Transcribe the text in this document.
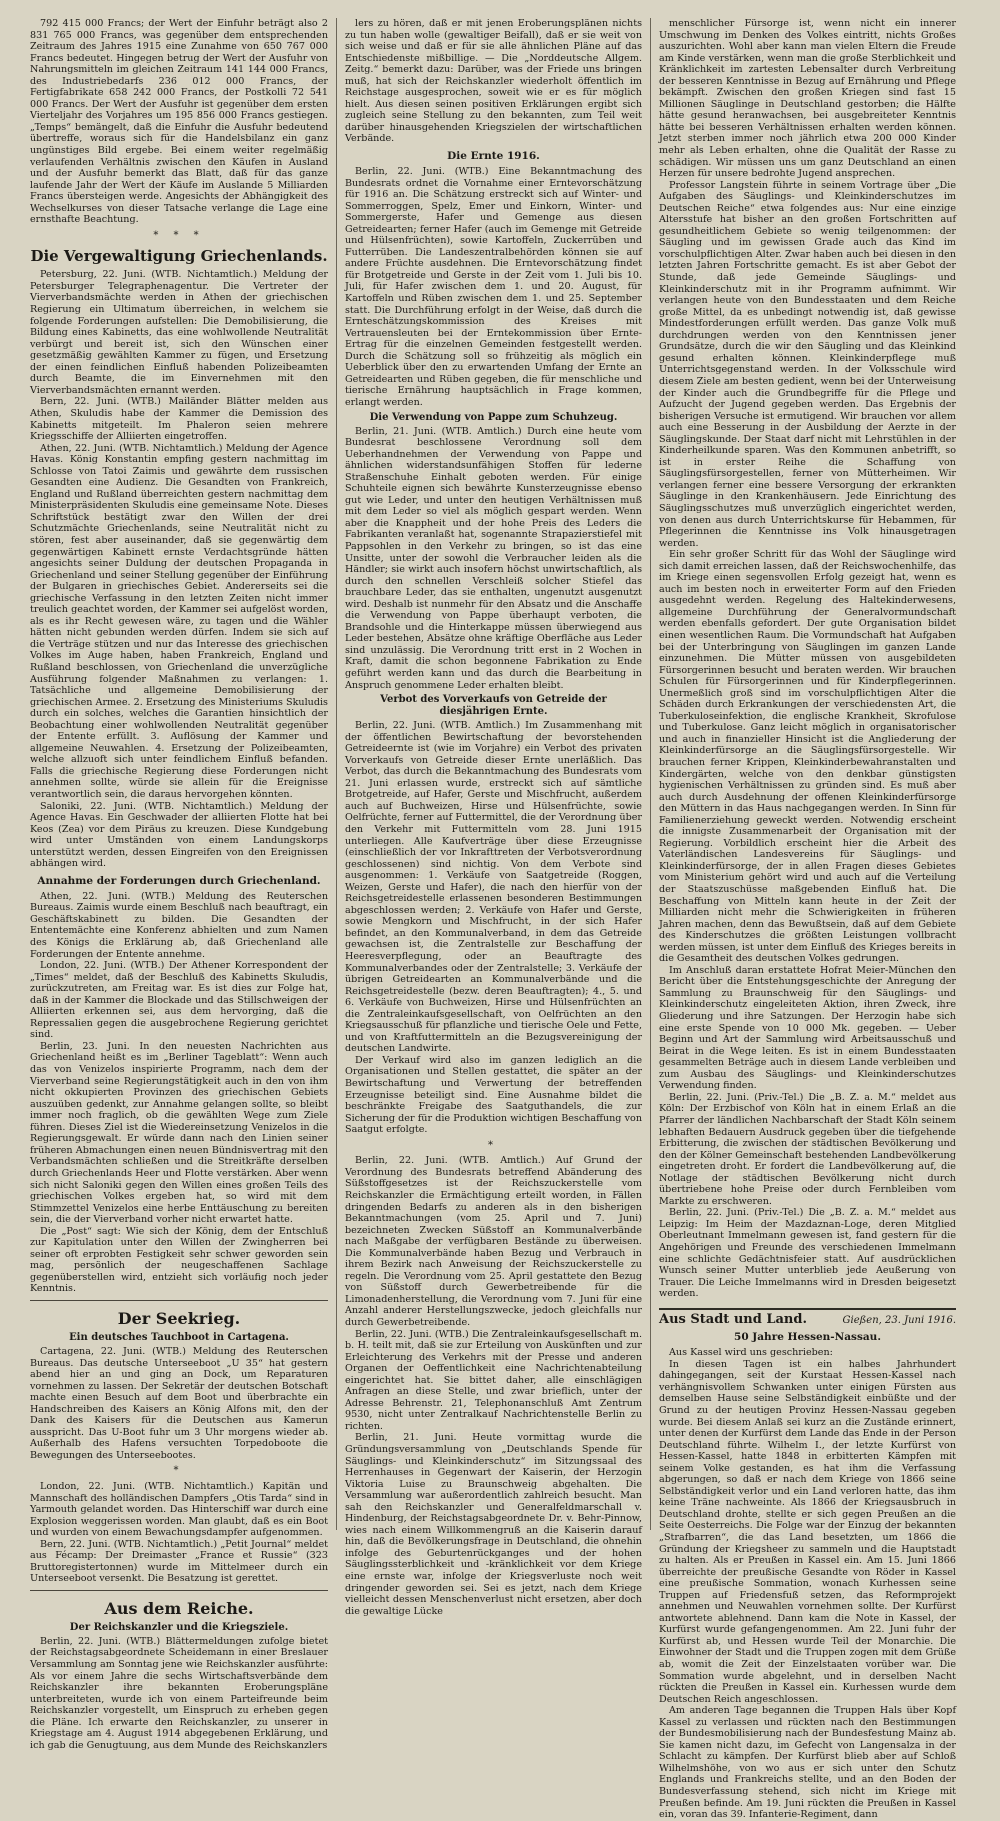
792 415 000 Francs; der Wert der Einfuhr beträgt also 2 831 765 000 Francs, was gegenüber dem entsprechenden Zeitraum des Jahres 1915 eine Zunahme von 650 767 000 Francs bedeutet. Hingegen betrug der Wert der Ausfuhr von Nahrungsmitteln im gleichen Zeitraum 141 144 000 Francs, des Industriebedarfs 236 012 000 Francs, der Fertigfabrikate 658 242 000 Francs, der Postkolli 72 541 000 Francs. Der Wert der Ausfuhr ist gegenüber dem ersten Vierteljahr des Vorjahres um 195 856 000 Francs gestiegen. „Temps“ bemängelt, daß die Einfuhr die Ausfuhr bedeutend übertreffe, woraus sich für die Handelsbilanz ein ganz ungünstiges Bild ergebe. Bei einem weiter regelmäßig verlaufenden Verhältnis zwischen den Käufen in Ausland und der Ausfuhr bemerkt das Blatt, daß für das ganze laufende Jahr der Wert der Käufe im Auslande 5 Milliarden Francs übersteigen werde. Angesichts der Abhängigkeit des Wechselkurses von dieser Tatsache verlange die Lage eine ernsthafte Beachtung.

* * *
Die Vergewaltigung Griechenlands.

Petersburg, 22. Juni. (WTB. Nichtamtlich.) Meldung der Petersburger Telegraphenagentur. Die Vertreter der Vierverbandsmächte werden in Athen der griechischen Regierung ein Ultimatum überreichen, in welchem sie folgende Forderungen aufstellen: Die Demobilisierung, die Bildung eines Kabinetts, das eine wohlwollende Neutralität verbürgt und bereit ist, sich den Wünschen einer gesetzmäßig gewählten Kammer zu fügen, und Ersetzung der einen feindlichen Einfluß habenden Polizeibeamten durch Beamte, die im Einvernehmen mit den Vierverbandsmächten ernannt werden.

Bern, 22. Juni. (WTB.) Mailänder Blätter melden aus Athen, Skuludis habe der Kammer die Demission des Kabinetts mitgeteilt. Im Phaleron seien mehrere Kriegsschiffe der Alliierten eingetroffen.

Athen, 22. Juni. (WTB. Nichtamtlich.) Meldung der Agence Havas. König Konstantin empfing gestern nachmittag im Schlosse von Tatoi Zaimis und gewährte dem russischen Gesandten eine Audienz. Die Gesandten von Frankreich, England und Rußland überreichten gestern nachmittag dem Ministerpräsidenten Skuludis eine gemeinsame Note. Dieses Schriftstück bestätigt zwar den Willen der drei Schutzmächte Griechenlands, seine Neutralität nicht zu stören, fest aber auseinander, daß sie gegenwärtig dem gegenwärtigen Kabinett ernste Verdachtsgründe hätten angesichts seiner Duldung der deutschen Propaganda in Griechenland und seiner Stellung gegenüber der Einführung der Bulgaren in griechisches Gebiet. Andererseits sei die griechische Verfassung in den letzten Zeiten nicht immer treulich geachtet worden, der Kammer sei aufgelöst worden, als es ihr Recht gewesen wäre, zu tagen und die Wähler hätten nicht gebunden werden dürfen. Indem sie sich auf die Verträge stützen und nur das Interesse des griechischen Volkes im Auge haben, haben Frankreich, England und Rußland beschlossen, von Griechenland die unverzügliche Ausführung folgender Maßnahmen zu verlangen: 1. Tatsächliche und allgemeine Demobilisierung der griechischen Armee. 2. Ersetzung des Ministeriums Skuludis durch ein solches, welches die Garantien hinsichtlich der Beobachtung einer wohlwollenden Neutralität gegenüber der Entente erfüllt. 3. Auflösung der Kammer und allgemeine Neuwahlen. 4. Ersetzung der Polizeibeamten, welche allzuoft sich unter feindlichem Einfluß befanden. Falls die griechische Regierung diese Forderungen nicht annehmen sollte, würde sie allein für die Ereignisse verantwortlich sein, die daraus hervorgehen könnten.

Saloniki, 22. Juni. (WTB. Nichtamtlich.) Meldung der Agence Havas. Ein Geschwader der alliierten Flotte hat bei Keos (Zea) vor dem Piräus zu kreuzen. Diese Kundgebung wird unter Umständen von einem Landungskorps unterstützt werden, dessen Eingreifen von den Ereignissen abhängen wird.

Annahme der Forderungen durch Griechenland.

Athen, 22. Juni. (WTB.) Meldung des Reuterschen Bureaus. Zaimis wurde einem Beschluß nach beauftragt, ein Geschäftskabinett zu bilden. Die Gesandten der Ententemächte eine Konferenz abhielten und zum Namen des Königs die Erklärung ab, daß Griechenland alle Forderungen der Entente annehme.

London, 22. Juni. (WTB.) Der Athener Korrespondent der „Times“ meldet, daß der Beschluß des Kabinetts Skuludis, zurückzutreten, am Freitag war. Es ist dies zur Folge hat, daß in der Kammer die Blockade und das Stillschweigen der Alliierten erkennen sei, aus dem hervorging, daß die Repressalien gegen die ausgebrochene Regierung gerichtet sind.

Berlin, 23. Juni. In den neuesten Nachrichten aus Griechenland heißt es im „Berliner Tageblatt“: Wenn auch das von Venizelos inspirierte Programm, nach dem der Vierverband seine Regierungstätigkeit auch in den von ihm nicht okkupierten Provinzen des griechischen Gebiets auszuüben gedenkt, zur Annahme gelangen sollte, so bleibt immer noch fraglich, ob die gewählten Wege zum Ziele führen. Dieses Ziel ist die Wiedereinsetzung Venizelos in die Regierungsgewalt. Er würde dann nach den Linien seiner früheren Abmachungen einen neuen Bündnisvertrag mit den Verbandsmächten schließen und die Streitkräfte derselben durch Griechenlands Heer und Flotte verstärken. Aber wenn sich nicht Saloniki gegen den Willen eines großen Teils des griechischen Volkes ergeben hat, so wird mit dem Stimmzettel Venizelos eine herbe Enttäuschung zu bereiten sein, die der Vierverband vorher nicht erwartet hatte.

Die „Post“ sagt: Wie sich der König, dem der Entschluß zur Kapitulation unter den Willen der Zwingherren bei seiner oft erprobten Festigkeit sehr schwer geworden sein mag, persönlich der neugeschaffenen Sachlage gegenüberstellen wird, entzieht sich vorläufig noch jeder Kenntnis.

Der Seekrieg.
Ein deutsches Tauchboot in Cartagena.

Cartagena, 22. Juni. (WTB.) Meldung des Reuterschen Bureaus. Das deutsche Unterseeboot „U 35“ hat gestern abend hier an und ging an Dock, um Reparaturen vornehmen zu lassen. Der Sekretär der deutschen Botschaft machte einen Besuch auf dem Boot und überbrachte ein Handschreiben des Kaisers an König Alfons mit, den der Dank des Kaisers für die Deutschen aus Kamerun ausspricht. Das U-Boot fuhr um 3 Uhr morgens wieder ab. Außerhalb des Hafens versuchten Torpedoboote die Bewegungen des Unterseebootes.

*

London, 22. Juni. (WTB. Nichtamtlich.) Kapitän und Mannschaft des holländischen Dampfers „Otis Tarda“ sind in Yarmouth gelandet worden. Das Hinterschiff war durch eine Explosion weggerissen worden. Man glaubt, daß es ein Boot und wurden von einem Bewachungsdampfer aufgenommen.

Bern, 22. Juni. (WTB. Nichtamtlich.) „Petit Journal“ meldet aus Fécamp: Der Dreimaster „France et Russie“ (323 Bruttoregistertonnen) wurde im Mittelmeer durch ein Unterseeboot versenkt. Die Besatzung ist gerettet.

Aus dem Reiche.
Der Reichskanzler und die Kriegsziele.

Berlin, 22. Juni. (WTB.) Blättermeldungen zufolge bietet der Reichstagsabgeordnete Scheidemann in einer Breslauer Versammlung am Sonntag jene wie Reichskanzler ausführte: Als vor einem Jahre die sechs Wirtschaftsverbände dem Reichskanzler ihre bekannten Eroberungspläne unterbreiteten, wurde ich von einem Parteifreunde beim Reichskanzler vorgestellt, um Einspruch zu erheben gegen die Pläne. Ich erwarte den Reichskanzler, zu unserer in Kriegstage am 4. August 1914 abgegebenen Erklärung, und ich gab die Genugtuung, aus dem Munde des Reichskanzlers

lers zu hören, daß er mit jenen Eroberungsplänen nichts zu tun haben wolle (gewaltiger Beifall), daß er sie weit von sich weise und daß er für sie alle ähnlichen Pläne auf das Entschiedenste mißbillige. — Die „Norddeutsche Allgem. Zeitg.“ bemerkt dazu: Darüber, was der Friede uns bringen muß, hat sich der Reichskanzler wiederholt öffentlich im Reichstage ausgesprochen, soweit wie er es für möglich hielt. Aus diesen seinen positiven Erklärungen ergibt sich zugleich seine Stellung zu den bekannten, zum Teil weit darüber hinausgehenden Kriegszielen der wirtschaftlichen Verbände.

Die Ernte 1916.

Berlin, 22. Juni. (WTB.) Eine Bekanntmachung des Bundesrats ordnet die Vornahme einer Erntevorschätzung für 1916 an. Die Schätzung erstreckt sich auf Winter- und Sommerroggen, Spelz, Emer und Einkorn, Winter- und Sommergerste, Hafer und Gemenge aus diesen Getreidearten; ferner Hafer (auch im Gemenge mit Getreide und Hülsenfrüchten), sowie Kartoffeln, Zuckerrüben und Futterrüben. Die Landeszentralbehörden können sie auf andere Früchte ausdehnen. Die Erntevorschätzung findet für Brotgetreide und Gerste in der Zeit vom 1. Juli bis 10. Juli, für Hafer zwischen dem 1. und 20. August, für Kartoffeln und Rüben zwischen dem 1. und 25. September statt. Die Durchführung erfolgt in der Weise, daß durch die Ernteschätzungskommission des Kreises mit Vertrauensleuten bei der Erntekommission über Ernte-Ertrag für die einzelnen Gemeinden festgestellt werden. Durch die Schätzung soll so frühzeitig als möglich ein Ueberblick über den zu erwartenden Umfang der Ernte an Getreidearten und Rüben gegeben, die für menschliche und tierische Ernährung hauptsächlich in Frage kommen, erlangt werden.

Die Verwendung von Pappe zum Schuhzeug.

Berlin, 21. Juni. (WTB. Amtlich.) Durch eine heute vom Bundesrat beschlossene Verordnung soll dem Ueberhandnehmen der Verwendung von Pappe und ähnlichen widerstandsunfähigen Stoffen für lederne Straßenschuhe Einhalt geboten werden. Für einige Schuhteile eignen sich bewährte Kunsterzeugnisse ebenso gut wie Leder, und unter den heutigen Verhältnissen muß mit dem Leder so viel als möglich gespart werden. Wenn aber die Knappheit und der hohe Preis des Leders die Fabrikanten veranlaßt hat, sogenannte Strapazierstiefel mit Pappsohlen in den Verkehr zu bringen, so ist das eine Unsitte, unter der sowohl die Verbraucher leiden als die Händler; sie wirkt auch insofern höchst unwirtschaftlich, als durch den schnellen Verschleiß solcher Stiefel das brauchbare Leder, das sie enthalten, ungenutzt ausgenutzt wird. Deshalb ist nunmehr für den Absatz und die Anschaffe die Verwendung von Pappe überhaupt verboten, die Brandsohle und die Hinterkappe müssen überwiegend aus Leder bestehen, Absätze ohne kräftige Oberfläche aus Leder sind unzulässig. Die Verordnung tritt erst in 2 Wochen in Kraft, damit die schon begonnene Fabrikation zu Ende geführt werden kann und das durch die Bearbeitung in Anspruch genommene Leder erhalten bleibt.

Verbot des Vorverkaufs von Getreide der diesjährigen Ernte.

Berlin, 22. Juni. (WTB. Amtlich.) Im Zusammenhang mit der öffentlichen Bewirtschaftung der bevorstehenden Getreideernte ist (wie im Vorjahre) ein Verbot des privaten Vorverkaufs von Getreide dieser Ernte unerläßlich. Das Verbot, das durch die Bekanntmachung des Bundesrats vom 21. Juni erlassen wurde, erstreckt sich auf sämtliche Brotgetreide, auf Hafer, Gerste und Mischfrucht, außerdem auch auf Buchweizen, Hirse und Hülsenfrüchte, sowie Oelfrüchte, ferner auf Futtermittel, die der Verordnung über den Verkehr mit Futtermitteln vom 28. Juni 1915 unterliegen. Alle Kaufverträge über diese Erzeugnisse (einschließlich der vor Inkrafttreten der Verbotsverordnung geschlossenen) sind nichtig. Von dem Verbote sind ausgenommen: 1. Verkäufe von Saatgetreide (Roggen, Weizen, Gerste und Hafer), die nach den hierfür von der Reichsgetreidestelle erlassenen besonderen Bestimmungen abgeschlossen werden; 2. Verkäufe von Hafer und Gerste, sowie Mengkorn und Mischfrucht, in der sich Hafer befindet, an den Kommunalverband, in dem das Getreide gewachsen ist, die Zentralstelle zur Beschaffung der Heeresverpflegung, oder an Beauftragte des Kommunalverbandes oder der Zentralstelle; 3. Verkäufe der übrigen Getreidearten an Kommunalverbände und die Reichsgetreidestelle (bezw. deren Beauftragten); 4., 5. und 6. Verkäufe von Buchweizen, Hirse und Hülsenfrüchten an die Zentraleinkaufsgesellschaft, von Oelfrüchten an den Kriegsausschuß für pflanzliche und tierische Oele und Fette, und von Kraftfuttermitteln an die Bezugsvereinigung der deutschen Landwirte.

Der Verkauf wird also im ganzen lediglich an die Organisationen und Stellen gestattet, die später an der Bewirtschaftung und Verwertung der betreffenden Erzeugnisse beteiligt sind. Eine Ausnahme bildet die beschränkte Freigabe des Saatguthandels, die zur Sicherung der für die Produktion wichtigen Beschaffung von Saatgut erfolgte.

*

Berlin, 22. Juni. (WTB. Amtlich.) Auf Grund der Verordnung des Bundesrats betreffend Abänderung des Süßstoffgesetzes ist der Reichszuckerstelle vom Reichskanzler die Ermächtigung erteilt worden, in Fällen dringenden Bedarfs zu anderen als in den bisherigen Bekanntmachungen (vom 25. April und 7. Juni) bezeichneten Zwecken Süßstoff an Kommunalverbände nach Maßgabe der verfügbaren Bestände zu überweisen. Die Kommunalverbände haben Bezug und Verbrauch in ihrem Bezirk nach Anweisung der Reichszuckerstelle zu regeln. Die Verordnung vom 25. April gestattete den Bezug von Süßstoff durch Gewerbetreibende für die Limonadenherstellung, die Verordnung vom 7. Juni für eine Anzahl anderer Herstellungszwecke, jedoch gleichfalls nur durch Gewerbetreibende.

Berlin, 22. Juni. (WTB.) Die Zentraleinkaufsgesellschaft m. b. H. teilt mit, daß sie zur Erteilung von Auskünften und zur Erleichterung des Verkehrs mit der Presse und anderen Organen der Oeffentlichkeit eine Nachrichtenabteilung eingerichtet hat. Sie bittet daher, alle einschlägigen Anfragen an diese Stelle, und zwar brieflich, unter der Adresse Behrenstr. 21, Telephonanschluß Amt Zentrum 9530, nicht unter Zentralkauf Nachrichtenstelle Berlin zu richten.

Berlin, 21. Juni. Heute vormittag wurde die Gründungsversammlung von „Deutschlands Spende für Säuglings- und Kleinkinderschutz“ im Sitzungssaal des Herrenhauses in Gegenwart der Kaiserin, der Herzogin Viktoria Luise zu Braunschweig abgehalten. Die Versammlung war außerordentlich zahlreich besucht. Man sah den Reichskanzler und Generalfeldmarschall v. Hindenburg, der Reichstagsabgeordnete Dr. v. Behr-Pinnow, wies nach einem Willkommengruß an die Kaiserin darauf hin, daß die Bevölkerungsfrage in Deutschland, die ohnehin infolge des Geburtenrückganges und der hohen Säuglingssterblichkeit und -kränklichkeit vor dem Kriege eine ernste war, infolge der Kriegsverluste noch weit dringender geworden sei. Sei es jetzt, nach dem Kriege vielleicht dessen Menschenverlust nicht ersetzen, aber doch die gewaltige Lücke

menschlicher Fürsorge ist, wenn nicht ein innerer Umschwung im Denken des Volkes eintritt, nichts Großes auszurichten. Wohl aber kann man vielen Eltern die Freude am Kinde verstärken, wenn man die große Sterblichkeit und Kränklichkeit im zartesten Lebensalter durch Verbreitung der besseren Kenntnisse in Bezug auf Ernährung und Pflege bekämpft. Zwischen den großen Kriegen sind fast 15 Millionen Säuglinge in Deutschland gestorben; die Hälfte hätte gesund heranwachsen, bei ausgebreiteter Kenntnis hätte bei besseren Verhältnissen erhalten werden können. Jetzt sterben immer noch jährlich etwa 200 000 Kinder mehr als Leben erhalten, ohne die Qualität der Rasse zu schädigen. Wir müssen uns um ganz Deutschland an einen Herzen für unsere bedrohte Jugend ansprechen.

Professor Langstein führte in seinem Vortrage über „Die Aufgaben des Säuglings- und Kleinkinderschutzes im Deutschen Reiche“ etwa folgendes aus: Nur eine einzige Altersstufe hat bisher an den großen Fortschritten auf gesundheitlichem Gebiete so wenig teilgenommen: der Säugling und im gewissen Grade auch das Kind im vorschulpflichtigen Alter. Zwar haben auch bei diesen in den letzten Jahren Fortschritte gemacht. Es ist aber Gebot der Stunde, daß jede Gemeinde Säuglings- und Kleinkinderschutz mit in ihr Programm aufnimmt. Wir verlangen heute von den Bundesstaaten und dem Reiche große Mittel, da es unbedingt notwendig ist, daß gewisse Mindestforderungen erfüllt werden. Das ganze Volk muß durchdrungen werden von den Kenntnissen jener Grundsätze, durch die wir den Säugling und das Kleinkind gesund erhalten können. Kleinkinderpflege muß Unterrichtsgegenstand werden. In der Volksschule wird diesem Ziele am besten gedient, wenn bei der Unterweisung der Kinder auch die Grundbegriffe für die Pflege und Aufzucht der Jugend gegeben werden. Das Ergebnis der bisherigen Versuche ist ermutigend. Wir brauchen vor allem auch eine Besserung in der Ausbildung der Aerzte in der Säuglingskunde. Der Staat darf nicht mit Lehrstühlen in der Kinderheilkunde sparen. Was den Kommunen anbetrifft, so ist in erster Reihe die Schaffung von Säuglingsfürsorgestellen, ferner von Mütterheimen. Wir verlangen ferner eine bessere Versorgung der erkrankten Säuglinge in den Krankenhäusern. Jede Einrichtung des Säuglingsschutzes muß unverzüglich eingerichtet werden, von denen aus durch Unterrichtskurse für Hebammen, für Pflegerinnen die Kenntnisse ins Volk hinausgetragen werden.

Ein sehr großer Schritt für das Wohl der Säuglinge wird sich damit erreichen lassen, daß der Reichswochenhilfe, das im Kriege einen segensvollen Erfolg gezeigt hat, wenn es auch im besten noch in erweiterter Form auf den Frieden ausgedehnt werden. Regelung des Haltekinderwesens, allgemeine Durchführung der Generalvormundschaft werden ebenfalls gefordert. Der gute Organisation bildet einen wesentlichen Raum. Die Vormundschaft hat Aufgaben bei der Unterbringung von Säuglingen im ganzen Lande einzunehmen. Die Mütter müssen von ausgebildeten Fürsorgerinnen besucht und beraten werden. Wir brauchen Schulen für Fürsorgerinnen und für Kinderpflegerinnen. Unermeßlich groß sind im vorschulpflichtigen Alter die Schäden durch Erkrankungen der verschiedensten Art, die Tuberkuloseinfektion, die englische Krankheit, Skrofulose und Tuberkulose. Ganz leicht möglich in organisatorischer und auch in finanzieller Hinsicht ist die Angliederung der Kleinkinderfürsorge an die Säuglingsfürsorgestelle. Wir brauchen ferner Krippen, Kleinkinderbewahranstalten und Kindergärten, welche von den denkbar günstigsten hygienischen Verhältnissen zu gründen sind. Es muß aber auch durch Ausdehnung der offenen Kleinkinderfürsorge den Müttern in das Haus nachgegangen werden. In Sinn für Familienerziehung geweckt werden. Notwendig erscheint die innigste Zusammenarbeit der Organisation mit der Regierung. Vorbildlich erscheint hier die Arbeit des Vaterländischen Landesvereins für Säuglings- und Kleinkinderfürsorge, der in allen Fragen dieses Gebietes vom Ministerium gehört wird und auch auf die Verteilung der Staatszuschüsse maßgebenden Einfluß hat. Die Beschaffung von Mitteln kann heute in der Zeit der Milliarden nicht mehr die Schwierigkeiten in früheren Jahren machen, denn das Bewußtsein, daß auf dem Gebiete des Kinderschutzes die größten Leistungen vollbracht werden müssen, ist unter dem Einfluß des Krieges bereits in die Gesamtheit des deutschen Volkes gedrungen.

Im Anschluß daran erstattete Hofrat Meier-München den Bericht über die Entstehungsgeschichte der Anregung der Sammlung zu Braunschweig für den Säuglings- und Kleinkinderschutz eingeleiteten Aktion, ihren Zweck, ihre Gliederung und ihre Satzungen. Der Herzogin habe sich eine erste Spende von 10 000 Mk. gegeben. — Ueber Beginn und Art der Sammlung wird Arbeitsausschuß und Beirat in die Wege leiten. Es ist in einem Bundesstaaten gesammelten Beträge auch in diesem Lande verbleiben und zum Ausbau des Säuglings- und Kleinkinderschutzes Verwendung finden.

Berlin, 22. Juni. (Priv.-Tel.) Die „B. Z. a. M.“ meldet aus Köln: Der Erzbischof von Köln hat in einem Erlaß an die Pfarrer der ländlichen Nachbarschaft der Stadt Köln seinem lebhaften Bedauern Ausdruck gegeben über die tiefgehende Erbitterung, die zwischen der städtischen Bevölkerung und den der Kölner Gemeinschaft bestehenden Landbevölkerung eingetreten droht. Er fordert die Landbevölkerung auf, die Notlage der städtischen Bevölkerung nicht durch übertriebene hohe Preise oder durch Fernbleiben vom Markte zu erschweren.

Berlin, 22. Juni. (Priv.-Tel.) Die „B. Z. a. M.“ meldet aus Leipzig: Im Heim der Mazdaznan-Loge, deren Mitglied Oberleutnant Immelmann gewesen ist, fand gestern für die Angehörigen und Freunde des verschiedenen Immelmann eine schlichte Gedächtnisfeier statt. Auf ausdrücklichen Wunsch seiner Mutter unterblieb jede Aeußerung von Trauer. Die Leiche Immelmanns wird in Dresden beigesetzt werden.

Aus Stadt und Land.	Gießen, 23. Juni 1916.
50 Jahre Hessen-Nassau.

Aus Kassel wird uns geschrieben:

In diesen Tagen ist ein halbes Jahrhundert dahingegangen, seit der Kurstaat Hessen-Kassel nach verhängnisvollem Schwanken unter einigen Fürsten aus demselben Hause seine Selbständigkeit einbüßte und der Grund zu der heutigen Provinz Hessen-Nassau gegeben wurde. Bei diesem Anlaß sei kurz an die Zustände erinnert, unter denen der Kurfürst dem Lande das Ende in der Person Deutschland führte. Wilhelm I., der letzte Kurfürst von Hessen-Kassel, hatte 1848 in erbitterten Kämpfen mit seinem Volke gestanden, es hat ihm die Verfassung abgerungen, so daß er nach dem Kriege von 1866 seine Selbständigkeit verlor und ein Land verloren hatte, das ihm keine Träne nachweinte. Als 1866 der Kriegsausbruch in Deutschland drohte, stellte er sich gegen Preußen an die Seite Oesterreichs. Die Folge war der Einzug der bekannten „Strafbarren“, die das Land besetzten, um 1866 die Gründung der Kriegsheer zu sammeln und die Hauptstadt zu halten. Als er Preußen in Kassel ein. Am 15. Juni 1866 überreichte der preußische Gesandte von Röder in Kassel eine preußische Sommation, wonach Kurhessen seine Truppen auf Friedensfuß setzen, das Reformprojekt annehmen und Neuwahlen vornehmen sollte. Der Kurfürst antwortete ablehnend. Dann kam die Note in Kassel, der Kurfürst wurde gefangengenommen. Am 22. Juni fuhr der Kurfürst ab, und Hessen wurde Teil der Monarchie. Die Einwohner der Stadt und die Truppen zogen mit dem Grüße ab, womit die Zeit der Einzelstaaten vorüber war. Die Sommation wurde abgelehnt, und in derselben Nacht rückten die Preußen in Kassel ein. Kurhessen wurde dem Deutschen Reich angeschlossen.

Am anderen Tage begannen die Truppen Hals über Kopf Kassel zu verlassen und rückten nach den Bestimmungen der Bundesmobilisierung nach der Bundesfestung Mainz ab. Sie kamen nicht dazu, im Gefecht von Langensalza in der Schlacht zu kämpfen. Der Kurfürst blieb aber auf Schloß Wilhelmshöhe, von wo aus er sich unter den Schutz Englands und Frankreichs stellte, und an den Boden der Bundesverfassung stehend, sich nicht im Kriege mit Preußen befinde. Am 19. Juni rückten die Preußen in Kassel ein, voran das 39. Infanterie-Regiment, dann
